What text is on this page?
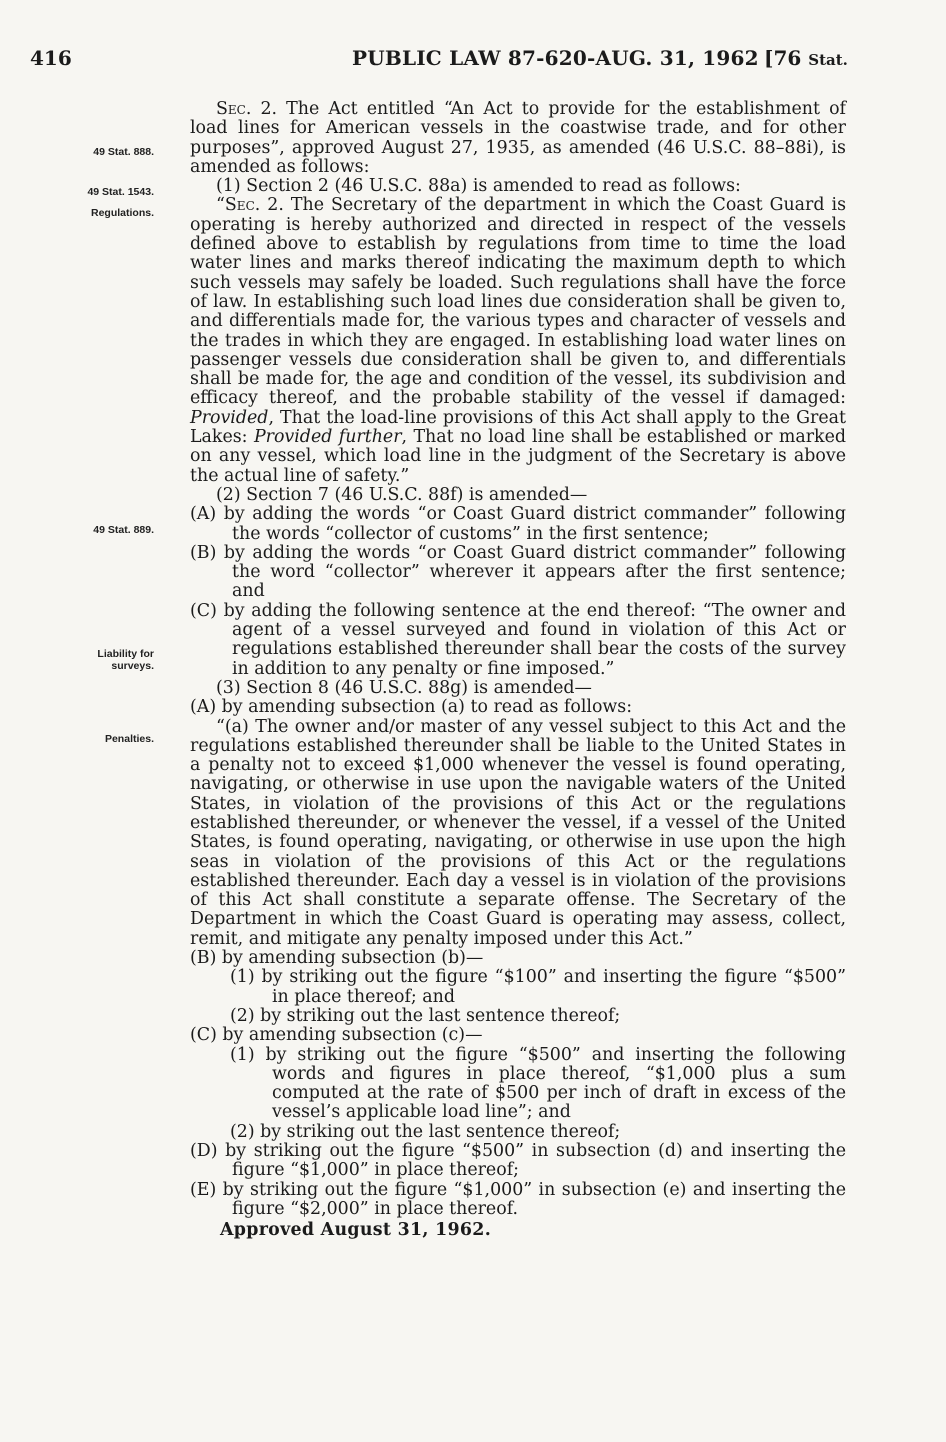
416	PUBLIC LAW 87-620-AUG. 31, 1962 [76 Stat.
49 Stat. 888.
49 Stat. 1543.
Regulations.
49 Stat. 889.
Liability for
surveys.
Penalties.

Sec. 2. The Act entitled “An Act to provide for the establishment of load lines for American vessels in the coastwise trade, and for other purposes”, approved August 27, 1935, as amended (46 U.S.C. 88–88i), is amended as follows:

(1) Section 2 (46 U.S.C. 88a) is amended to read as follows:

“Sec. 2. The Secretary of the department in which the Coast Guard is operating is hereby authorized and directed in respect of the vessels defined above to establish by regulations from time to time the load water lines and marks thereof indicating the maximum depth to which such vessels may safely be loaded. Such regulations shall have the force of law. In establishing such load lines due consideration shall be given to, and differentials made for, the various types and character of vessels and the trades in which they are engaged. In establishing load water lines on passenger vessels due consideration shall be given to, and differentials shall be made for, the age and condition of the vessel, its subdivision and efficacy thereof, and the probable stability of the vessel if damaged: Provided, That the load-line provisions of this Act shall apply to the Great Lakes: Provided further, That no load line shall be established or marked on any vessel, which load line in the judgment of the Secretary is above the actual line of safety.”

(2) Section 7 (46 U.S.C. 88f) is amended—

(A) by adding the words “or Coast Guard district commander” following the words “collector of customs” in the first sentence;

(B) by adding the words “or Coast Guard district commander” following the word “collector” wherever it appears after the first sentence; and

(C) by adding the following sentence at the end thereof: “The owner and agent of a vessel surveyed and found in violation of this Act or regulations established thereunder shall bear the costs of the survey in addition to any penalty or fine imposed.”

(3) Section 8 (46 U.S.C. 88g) is amended—

(A) by amending subsection (a) to read as follows:

“(a) The owner and/or master of any vessel subject to this Act and the regulations established thereunder shall be liable to the United States in a penalty not to exceed $1,000 whenever the vessel is found operating, navigating, or otherwise in use upon the navigable waters of the United States, in violation of the provisions of this Act or the regulations established thereunder, or whenever the vessel, if a vessel of the United States, is found operating, navigating, or otherwise in use upon the high seas in violation of the provisions of this Act or the regulations established thereunder. Each day a vessel is in violation of the provisions of this Act shall constitute a separate offense. The Secretary of the Department in which the Coast Guard is operating may assess, collect, remit, and mitigate any penalty imposed under this Act.”

(B) by amending subsection (b)—

(1) by striking out the figure “$100” and inserting the figure “$500” in place thereof; and

(2) by striking out the last sentence thereof;

(C) by amending subsection (c)—

(1) by striking out the figure “$500” and inserting the following words and figures in place thereof, “$1,000 plus a sum computed at the rate of $500 per inch of draft in excess of the vessel’s applicable load line”; and

(2) by striking out the last sentence thereof;

(D) by striking out the figure “$500” in subsection (d) and inserting the figure “$1,000” in place thereof;

(E) by striking out the figure “$1,000” in subsection (e) and inserting the figure “$2,000” in place thereof.

Approved August 31, 1962.
